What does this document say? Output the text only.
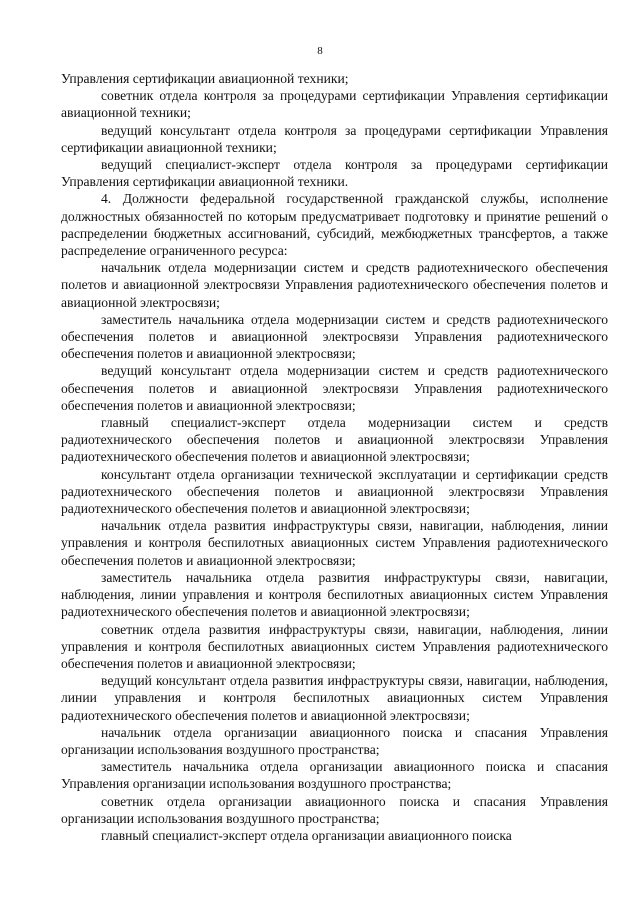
8

Управления сертификации авиационной техники;

советник отдела контроля за процедурами сертификации Управления сертификации авиационной техники;

ведущий консультант отдела контроля за процедурами сертификации Управления сертификации авиационной техники;

ведущий специалист-эксперт отдела контроля за процедурами сертификации Управления сертификации авиационной техники.

4. Должности федеральной государственной гражданской службы, исполнение должностных обязанностей по которым предусматривает подготовку и принятие решений о распределении бюджетных ассигнований, субсидий, межбюджетных трансфертов, а также распределение ограниченного ресурса:

начальник отдела модернизации систем и средств радиотехнического обеспечения полетов и авиационной электросвязи Управления радиотехнического обеспечения полетов и авиационной электросвязи;

заместитель начальника отдела модернизации систем и средств радиотехнического обеспечения полетов и авиационной электросвязи Управления радиотехнического обеспечения полетов и авиационной электросвязи;

ведущий консультант отдела модернизации систем и средств радиотехнического обеспечения полетов и авиационной электросвязи Управления радиотехнического обеспечения полетов и авиационной электросвязи;

главный специалист-эксперт отдела модернизации систем и средств радиотехнического обеспечения полетов и авиационной электросвязи Управления радиотехнического обеспечения полетов и авиационной электросвязи;

консультант отдела организации технической эксплуатации и сертификации средств радиотехнического обеспечения полетов и авиационной электросвязи Управления радиотехнического обеспечения полетов и авиационной электросвязи;

начальник отдела развития инфраструктуры связи, навигации, наблюдения, линии управления и контроля беспилотных авиационных систем Управления радиотехнического обеспечения полетов и авиационной электросвязи;

заместитель начальника отдела развития инфраструктуры связи, навигации, наблюдения, линии управления и контроля беспилотных авиационных систем Управления радиотехнического обеспечения полетов и авиационной электросвязи;

советник отдела развития инфраструктуры связи, навигации, наблюдения, линии управления и контроля беспилотных авиационных систем Управления радиотехнического обеспечения полетов и авиационной электросвязи;

ведущий консультант отдела развития инфраструктуры связи, навигации, наблюдения, линии управления и контроля беспилотных авиационных систем Управления радиотехнического обеспечения полетов и авиационной электросвязи;

начальник отдела организации авиационного поиска и спасания Управления организации использования воздушного пространства;

заместитель начальника отдела организации авиационного поиска и спасания Управления организации использования воздушного пространства;

советник отдела организации авиационного поиска и спасания Управления организации использования воздушного пространства;

главный специалист-эксперт отдела организации авиационного поиска
